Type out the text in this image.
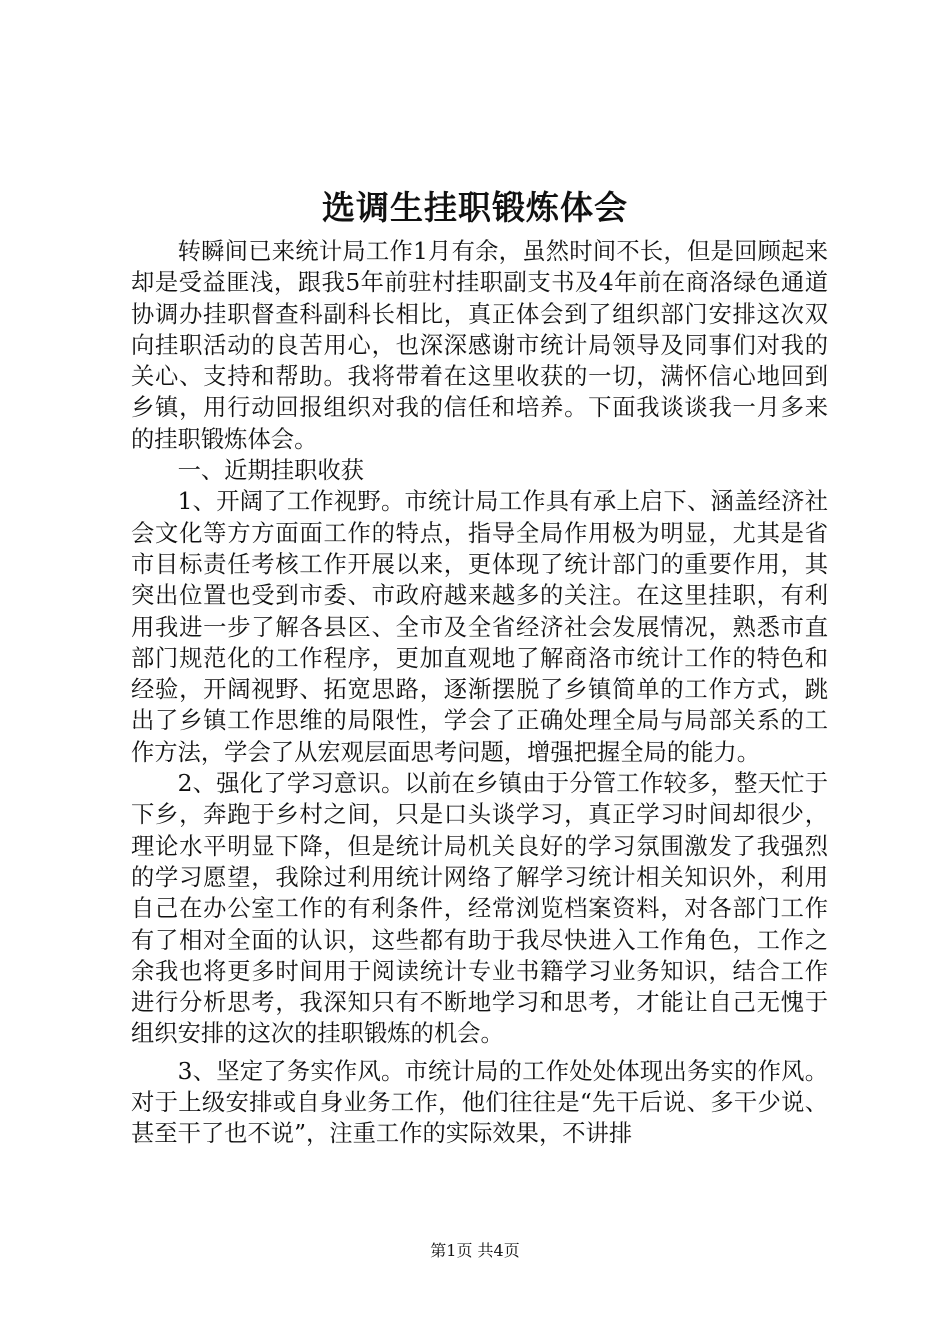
选调生挂职锻炼体会

转瞬间已来统计局工作1月有余，虽然时间不长，但是回顾起来却是受益匪浅，跟我5年前驻村挂职副支书及4年前在商洛绿色通道协调办挂职督查科副科长相比，真正体会到了组织部门安排这次双向挂职活动的良苦用心，也深深感谢市统计局领导及同事们对我的关心、支持和帮助。我将带着在这里收获的一切，满怀信心地回到乡镇，用行动回报组织对我的信任和培养。下面我谈谈我一月多来的挂职锻炼体会。

一、近期挂职收获

1、开阔了工作视野。市统计局工作具有承上启下、涵盖经济社会文化等方方面面工作的特点，指导全局作用极为明显，尤其是省市目标责任考核工作开展以来，更体现了统计部门的重要作用，其突出位置也受到市委、市政府越来越多的关注。在这里挂职，有利用我进一步了解各县区、全市及全省经济社会发展情况，熟悉市直部门规范化的工作程序，更加直观地了解商洛市统计工作的特色和经验，开阔视野、拓宽思路，逐渐摆脱了乡镇简单的工作方式，跳出了乡镇工作思维的局限性，学会了正确处理全局与局部关系的工作方法，学会了从宏观层面思考问题，增强把握全局的能力。

2、强化了学习意识。以前在乡镇由于分管工作较多，整天忙于下乡，奔跑于乡村之间，只是口头谈学习，真正学习时间却很少，理论水平明显下降，但是统计局机关良好的学习氛围激发了我强烈的学习愿望，我除过利用统计网络了解学习统计相关知识外，利用自己在办公室工作的有利条件，经常浏览档案资料，对各部门工作有了相对全面的认识，这些都有助于我尽快进入工作角色，工作之余我也将更多时间用于阅读统计专业书籍学习业务知识，结合工作进行分析思考，我深知只有不断地学习和思考，才能让自己无愧于组织安排的这次的挂职锻炼的机会。

3、坚定了务实作风。市统计局的工作处处体现出务实的作风。对于上级安排或自身业务工作，他们往往是“先干后说、多干少说、甚至干了也不说”，注重工作的实际效果，不讲排

第1页 共4页
